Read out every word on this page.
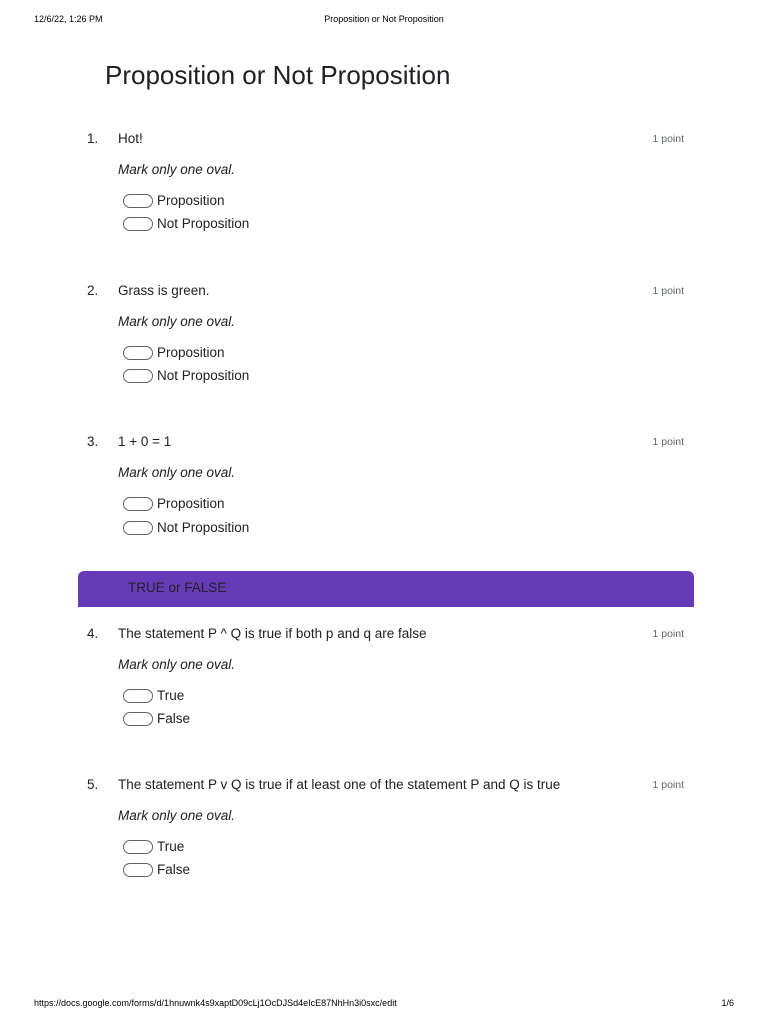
12/6/22, 1:26 PM	Proposition or Not Proposition
Proposition or Not Proposition
1. Hot!	1 point
Mark only one oval.
Proposition
Not Proposition
2. Grass is green.	1 point
Mark only one oval.
Proposition
Not Proposition
3. 1 + 0 = 1	1 point
Mark only one oval.
Proposition
Not Proposition
TRUE or FALSE
4. The statement P ^ Q is true if both p and q are false	1 point
Mark only one oval.
True
False
5. The statement P v Q is true if at least one of the statement P and Q is true	1 point
Mark only one oval.
True
False
https://docs.google.com/forms/d/1hnuwnk4s9xaptD09cLj1OcDJSd4eIcE87NhHn3i0sxc/edit	1/6
